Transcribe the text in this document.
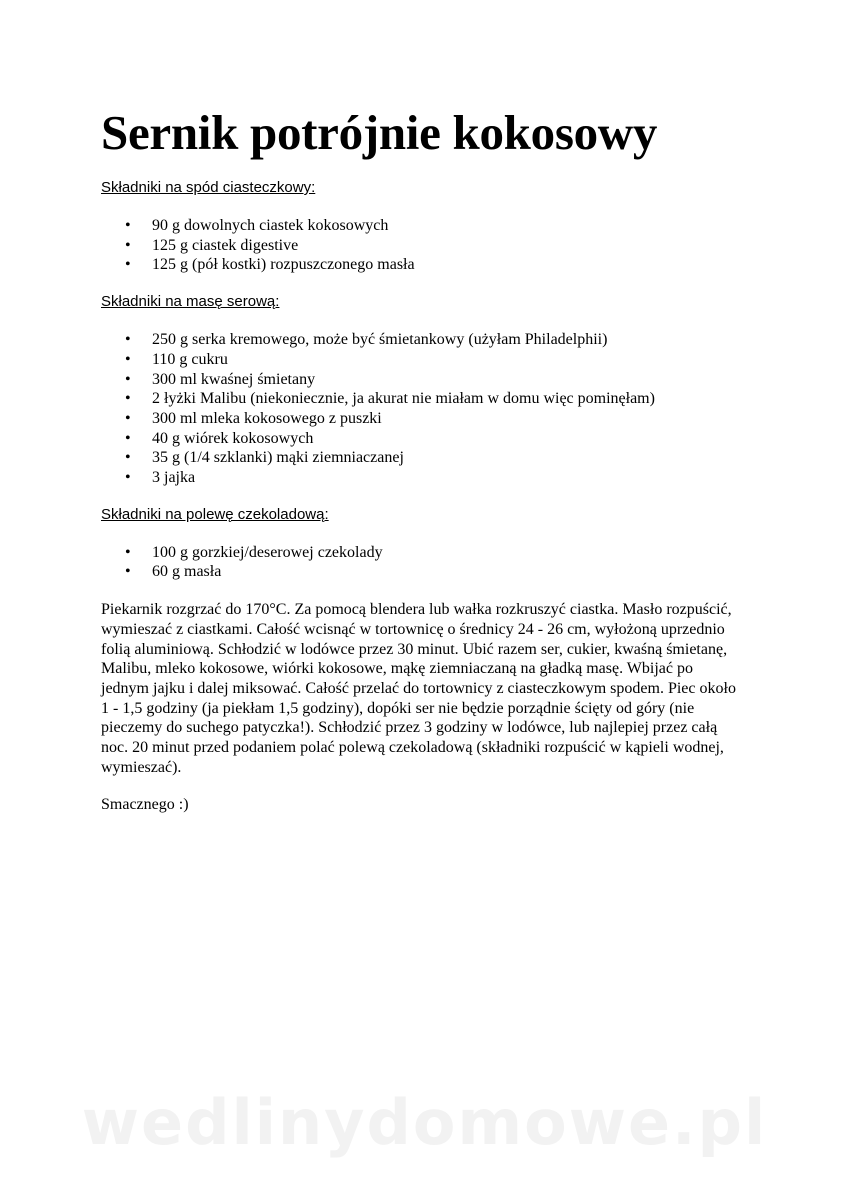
Sernik potrójnie kokosowy
Składniki na spód ciasteczkowy:
• 90 g dowolnych ciastek kokosowych
• 125 g ciastek digestive
• 125 g (pół kostki) rozpuszczonego masła
Składniki na masę serową:
• 250 g serka kremowego, może być śmietankowy (użyłam Philadelphii)
• 110 g cukru
• 300 ml kwaśnej śmietany
• 2 łyżki Malibu (niekoniecznie, ja akurat nie miałam w domu więc pominęłam)
• 300 ml mleka kokosowego z puszki
• 40 g wiórek kokosowych
• 35 g (1/4 szklanki) mąki ziemniaczanej
• 3 jajka
Składniki na polewę czekoladową:
• 100 g gorzkiej/deserowej czekolady
• 60 g masła

Piekarnik rozgrzać do 170°C. Za pomocą blendera lub wałka rozkruszyć ciastka. Masło rozpuścić, wymieszać z ciastkami. Całość wcisnąć w tortownicę o średnicy 24 - 26 cm, wyłożoną uprzednio folią aluminiową. Schłodzić w lodówce przez 30 minut. Ubić razem ser, cukier, kwaśną śmietanę, Malibu, mleko kokosowe, wiórki kokosowe, mąkę ziemniaczaną na gładką masę. Wbijać po jednym jajku i dalej miksować. Całość przelać do tortownicy z ciasteczkowym spodem. Piec około 1 - 1,5 godziny (ja piekłam 1,5 godziny), dopóki ser nie będzie porządnie ścięty od góry (nie pieczemy do suchego patyczka!). Schłodzić przez 3 godziny w lodówce, lub najlepiej przez całą noc. 20 minut przed podaniem polać polewą czekoladową (składniki rozpuścić w kąpieli wodnej, wymieszać).

Smacznego :)

wedlinydomowe.pl
